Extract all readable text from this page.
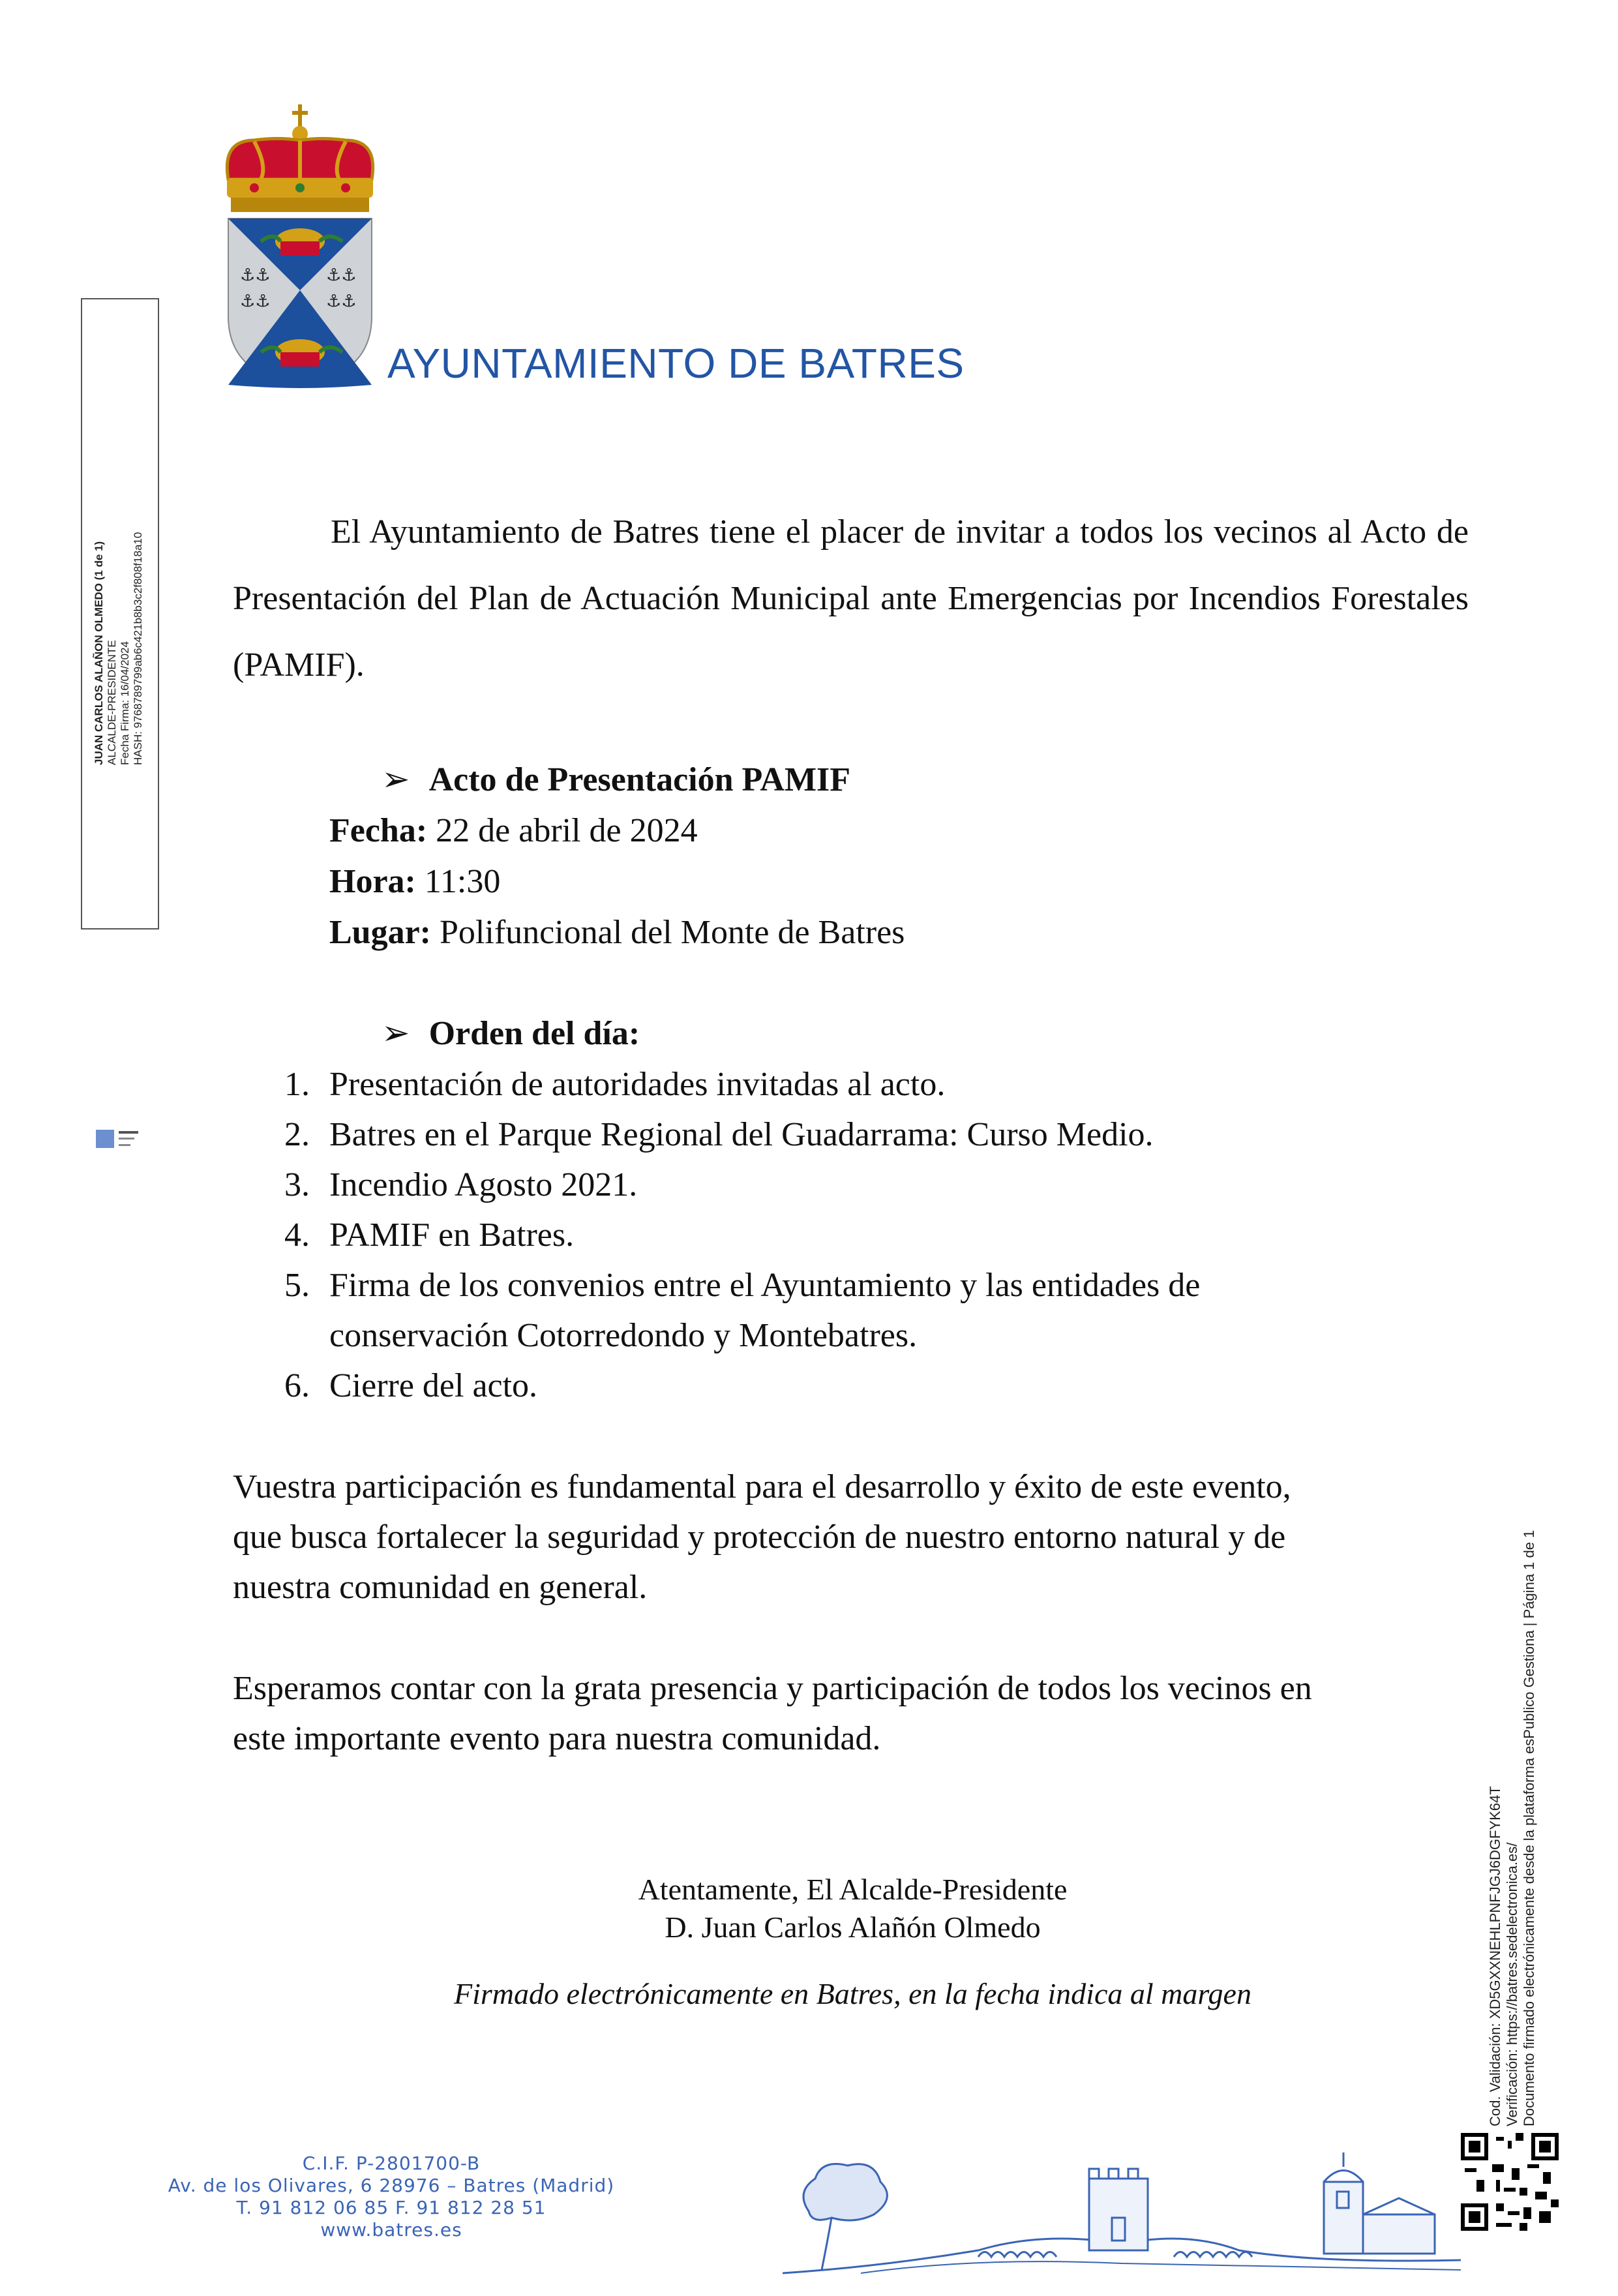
JUAN CARLOS ALAÑON OLMEDO (1 de 1) ALCALDE-PRESIDENTE Fecha Firma: 16/04/2024 HASH: 9768789799ab6c421b8b3c2f808f18a10
Cod. Validación: XD5GXXNEHLPNFJGJ6DGFYK64T Verificación: https://batres.sedelectronica.es/ Documento firmado electrónicamente desde la plataforma esPublico Gestiona | Página 1 de 1
⚓⚓
⚓⚓
⚓⚓
⚓⚓
AYUNTAMIENTO DE BATRES
El Ayuntamiento de Batres tiene el placer de invitar a todos los vecinos al Acto de Presentación del Plan de Actuación Municipal ante Emergencias por Incendios Forestales (PAMIF).
➢ Acto de Presentación PAMIF
Fecha: 22 de abril de 2024
Hora: 11:30
Lugar: Polifuncional del Monte de Batres
➢ Orden del día:
1. Presentación de autoridades invitadas al acto.
2. Batres en el Parque Regional del Guadarrama: Curso Medio.
3. Incendio Agosto 2021.
4. PAMIF en Batres.
5. Firma de los convenios entre el Ayuntamiento y las entidades de
conservación Cotorredondo y Montebatres.
6. Cierre del acto.
Vuestra participación es fundamental para el desarrollo y éxito de este evento,
que busca fortalecer la seguridad y protección de nuestro entorno natural y de
nuestra comunidad en general.
Esperamos contar con la grata presencia y participación de todos los vecinos en
este importante evento para nuestra comunidad.
Atentamente, El Alcalde-Presidente
D. Juan Carlos Alañón Olmedo
Firmado electrónicamente en Batres, en la fecha indica al margen
C.I.F. P-2801700-B
Av. de los Olivares, 6 28976 – Batres (Madrid)
T. 91 812 06 85 F. 91 812 28 51
www.batres.es
